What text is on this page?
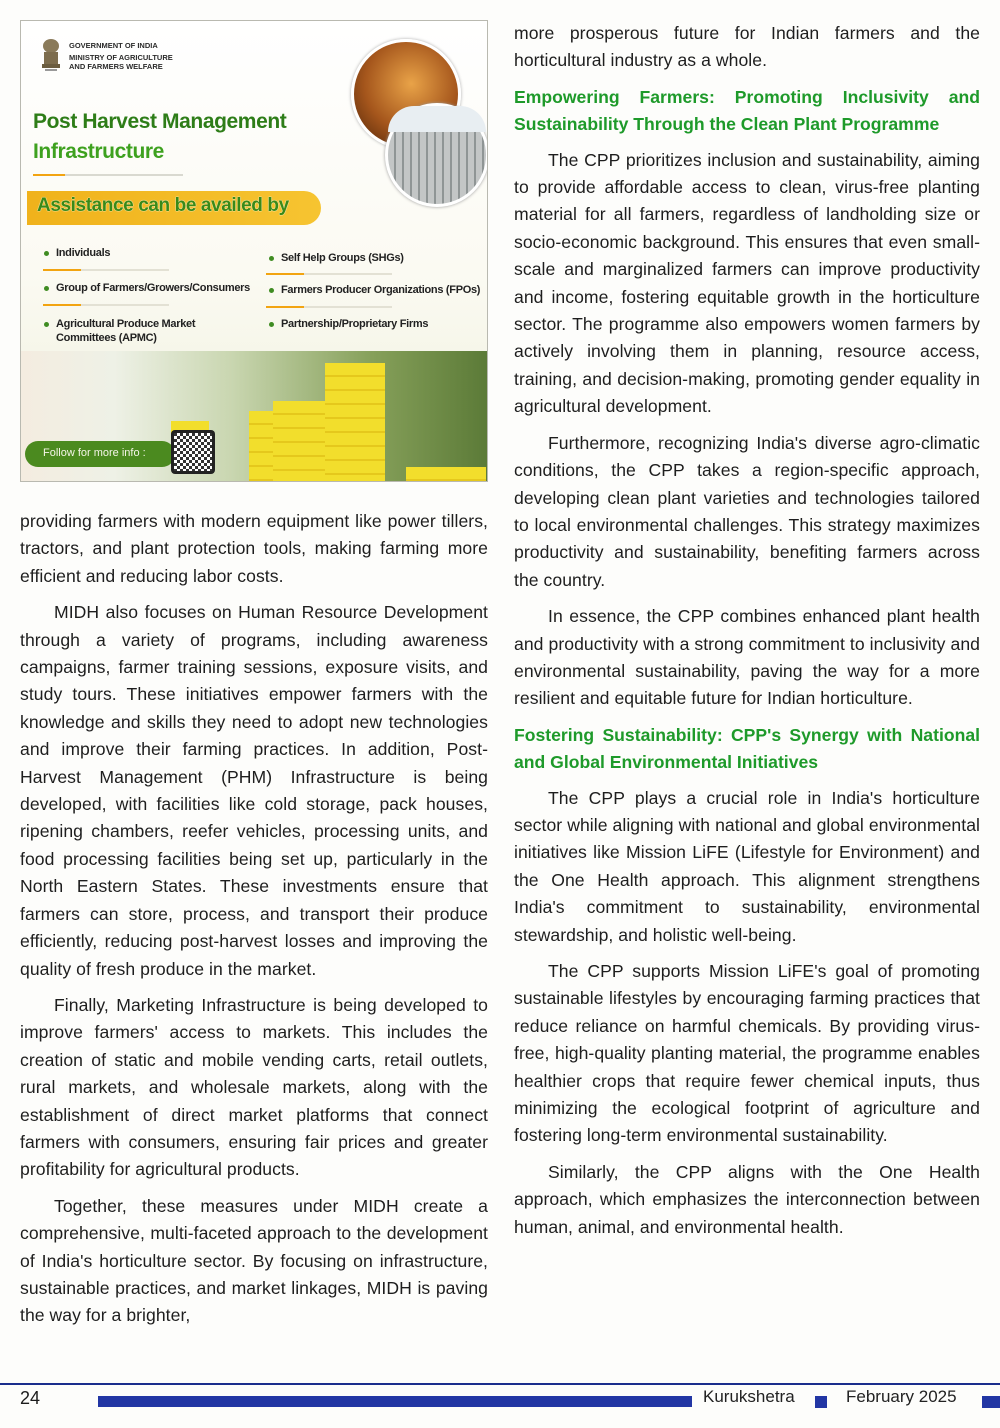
GOVERNMENT OF INDIA
MINISTRY OF AGRICULTURE
AND FARMERS WELFARE
Post Harvest Management
Infrastructure
Assistance can be availed by
Individuals
Group of Farmers/Growers/Consumers
Agricultural Produce Market
Committees (APMC)
Self Help Groups (SHGs)
Farmers Producer Organizations (FPOs)
Partnership/Proprietary Firms
Follow for more info :

providing farmers with modern equipment like power tillers, tractors, and plant protection tools, making farming more efficient and reducing labor costs.

MIDH also focuses on Human Resource Development through a variety of programs, including awareness campaigns, farmer training sessions, exposure visits, and study tours. These initiatives empower farmers with the knowledge and skills they need to adopt new technologies and improve their farming practices. In addition, Post-Harvest Management (PHM) Infrastructure is being developed, with facilities like cold storage, pack houses, ripening chambers, reefer vehicles, processing units, and food processing facilities being set up, particularly in the North Eastern States. These investments ensure that farmers can store, process, and transport their produce efficiently, reducing post-harvest losses and improving the quality of fresh produce in the market.

Finally, Marketing Infrastructure is being developed to improve farmers' access to markets. This includes the creation of static and mobile vending carts, retail outlets, rural markets, and wholesale markets, along with the establishment of direct market platforms that connect farmers with consumers, ensuring fair prices and greater profitability for agricultural products.

Together, these measures under MIDH create a comprehensive, multi-faceted approach to the development of India's horticulture sector. By focusing on infrastructure, sustainable practices, and market linkages, MIDH is paving the way for a brighter,

more prosperous future for Indian farmers and the horticultural industry as a whole.

Empowering Farmers: Promoting Inclusivity and Sustainability Through the Clean Plant Programme

The CPP prioritizes inclusion and sustainability, aiming to provide affordable access to clean, virus-free planting material for all farmers, regardless of landholding size or socio-economic background. This ensures that even small-scale and marginalized farmers can improve productivity and income, fostering equitable growth in the horticulture sector. The programme also empowers women farmers by actively involving them in planning, resource access, training, and decision-making, promoting gender equality in agricultural development.

Furthermore, recognizing India's diverse agro-climatic conditions, the CPP takes a region-specific approach, developing clean plant varieties and technologies tailored to local environmental challenges. This strategy maximizes productivity and sustainability, benefiting farmers across the country.

In essence, the CPP combines enhanced plant health and productivity with a strong commitment to inclusivity and environmental sustainability, paving the way for a more resilient and equitable future for Indian horticulture.

Fostering Sustainability: CPP's Synergy with National and Global Environmental Initiatives

The CPP plays a crucial role in India's horticulture sector while aligning with national and global environmental initiatives like Mission LiFE (Lifestyle for Environment) and the One Health approach. This alignment strengthens India's commitment to sustainability, environmental stewardship, and holistic well-being.

The CPP supports Mission LiFE's goal of promoting sustainable lifestyles by encouraging farming practices that reduce reliance on harmful chemicals. By providing virus-free, high-quality planting material, the programme enables healthier crops that require fewer chemical inputs, thus minimizing the ecological footprint of agriculture and fostering long-term environmental sustainability.

Similarly, the CPP aligns with the One Health approach, which emphasizes the interconnection between human, animal, and environmental health.

24	Kurukshetra	February 2025
